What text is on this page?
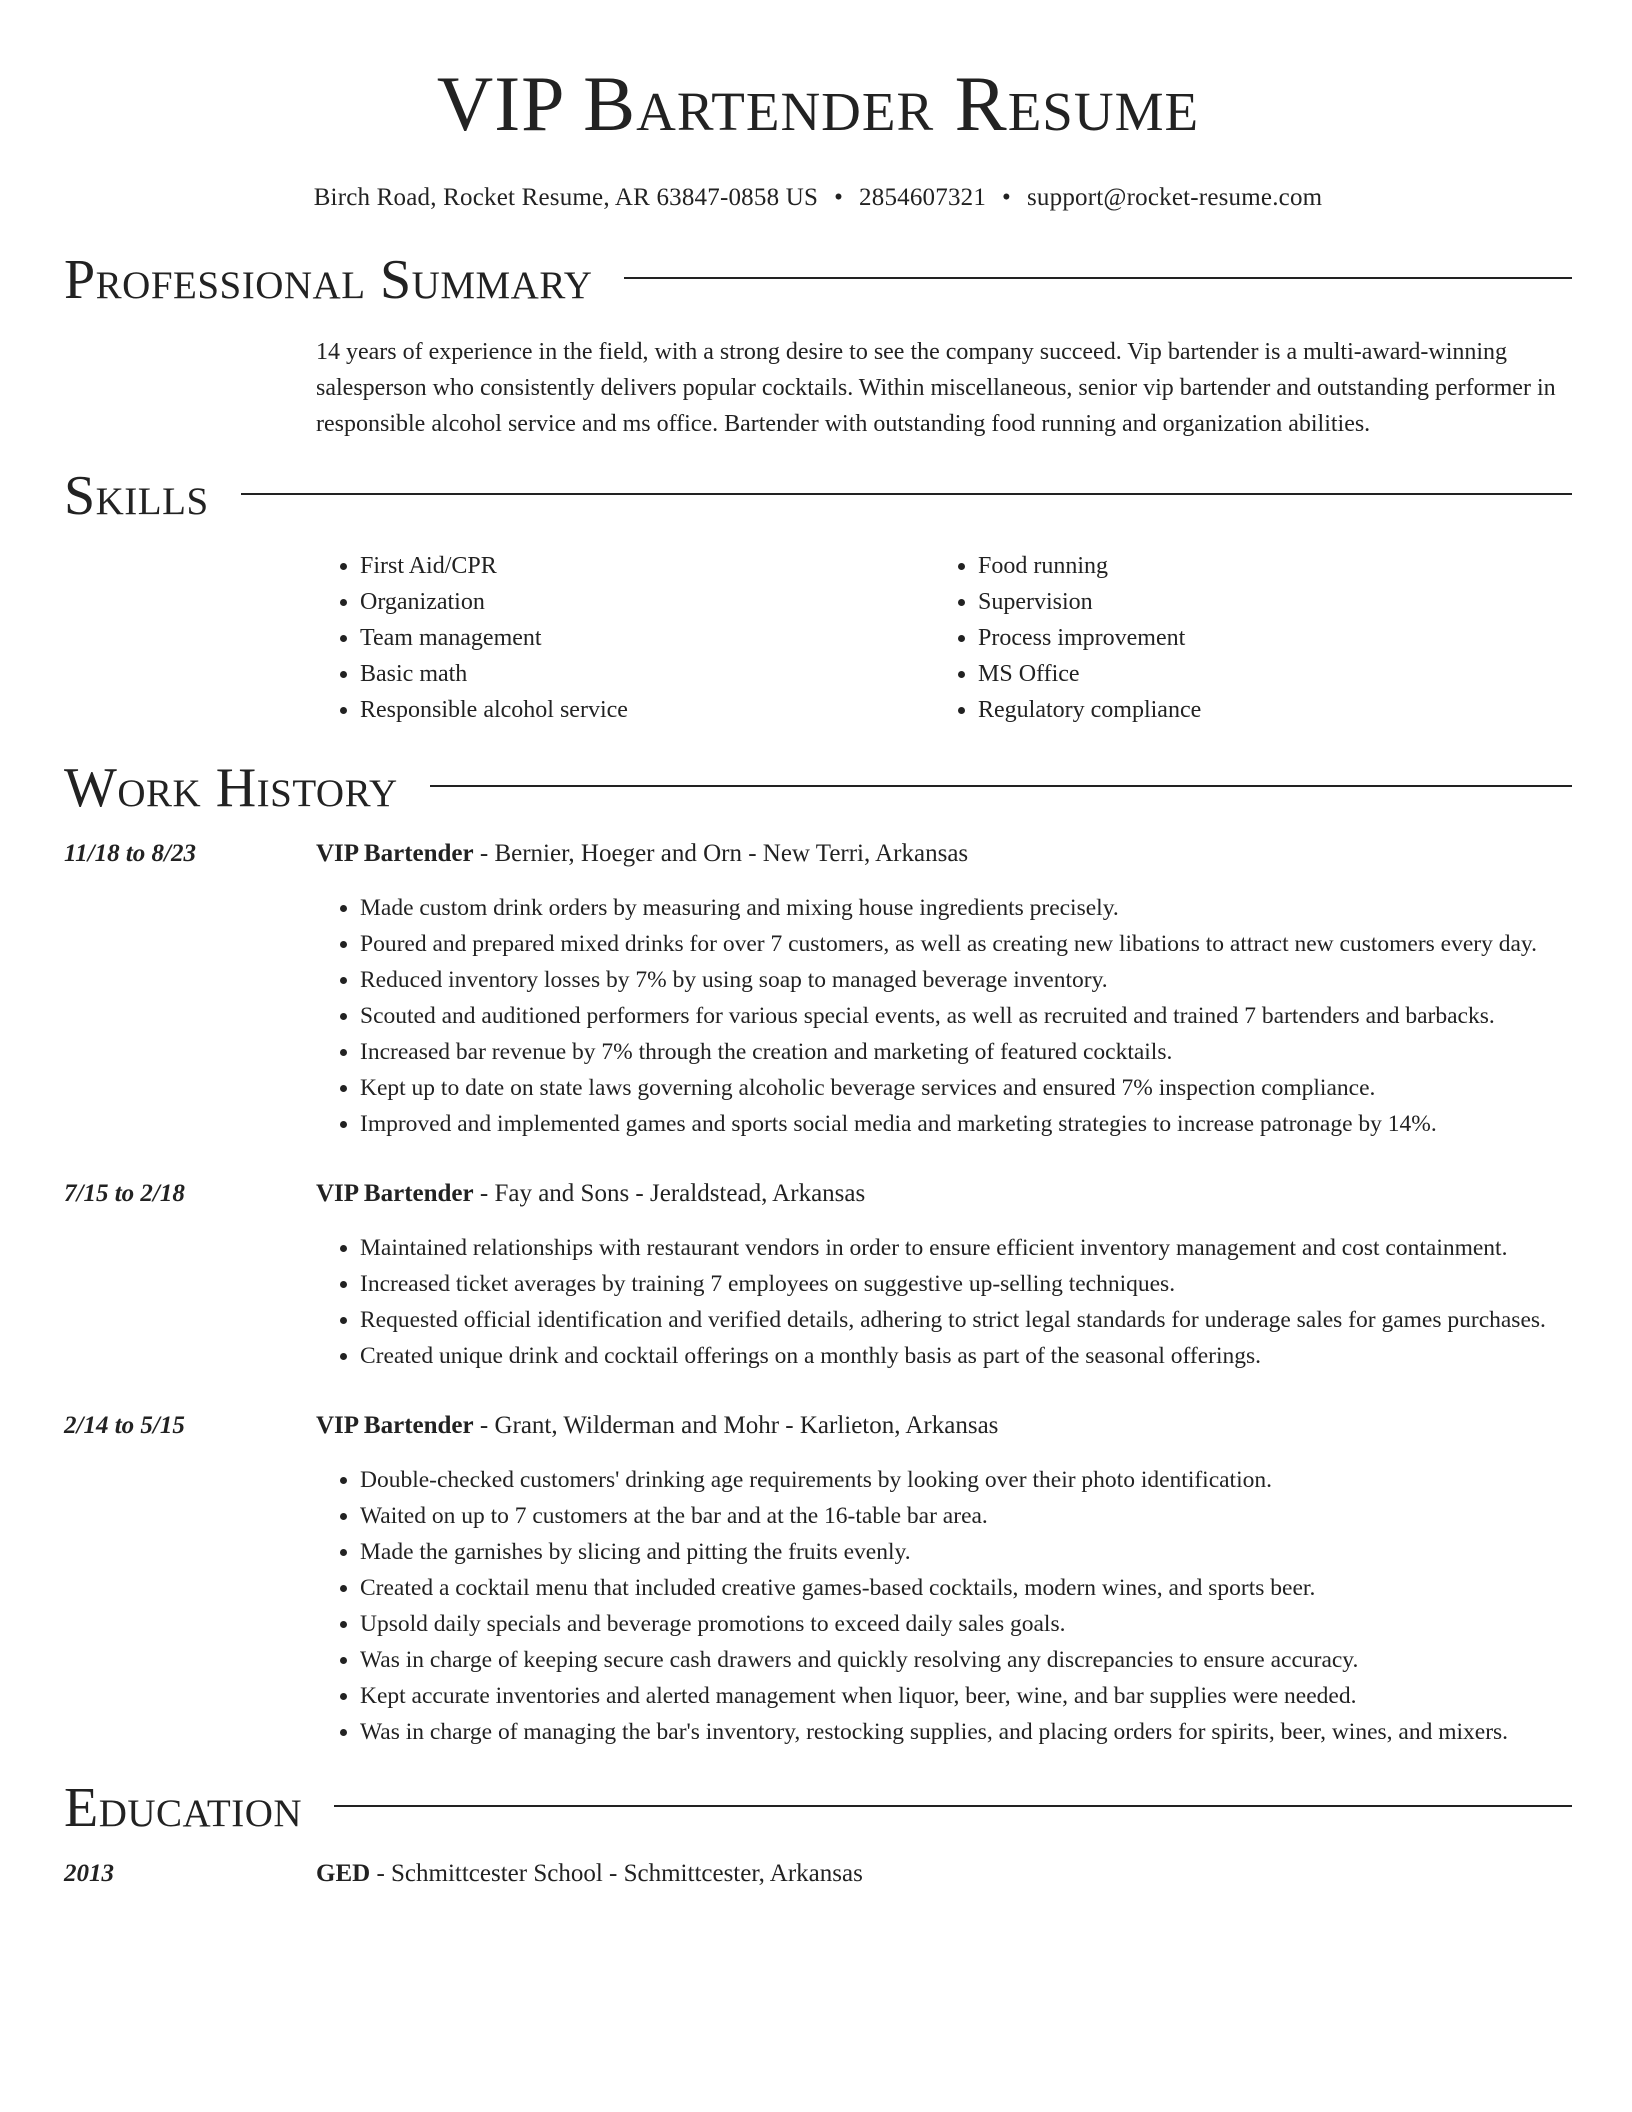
VIP Bartender Resume
Birch Road, Rocket Resume, AR 63847-0858 US • 2854607321 • support@rocket-resume.com
Professional Summary
14 years of experience in the field, with a strong desire to see the company succeed. Vip bartender is a multi-award-winning salesperson who consistently delivers popular cocktails. Within miscellaneous, senior vip bartender and outstanding performer in responsible alcohol service and ms office. Bartender with outstanding food running and organization abilities.
Skills
• First Aid/CPR
• Organization
• Team management
• Basic math
• Responsible alcohol service
• Food running
• Supervision
• Process improvement
• MS Office
• Regulatory compliance
Work History
11/18 to 8/23	VIP Bartender - Bernier, Hoeger and Orn - New Terri, Arkansas
• Made custom drink orders by measuring and mixing house ingredients precisely.
• Poured and prepared mixed drinks for over 7 customers, as well as creating new libations to attract new customers every day.
• Reduced inventory losses by 7% by using soap to managed beverage inventory.
• Scouted and auditioned performers for various special events, as well as recruited and trained 7 bartenders and barbacks.
• Increased bar revenue by 7% through the creation and marketing of featured cocktails.
• Kept up to date on state laws governing alcoholic beverage services and ensured 7% inspection compliance.
• Improved and implemented games and sports social media and marketing strategies to increase patronage by 14%.
7/15 to 2/18	VIP Bartender - Fay and Sons - Jeraldstead, Arkansas
• Maintained relationships with restaurant vendors in order to ensure efficient inventory management and cost containment.
• Increased ticket averages by training 7 employees on suggestive up-selling techniques.
• Requested official identification and verified details, adhering to strict legal standards for underage sales for games purchases.
• Created unique drink and cocktail offerings on a monthly basis as part of the seasonal offerings.
2/14 to 5/15	VIP Bartender - Grant, Wilderman and Mohr - Karlieton, Arkansas
• Double-checked customers' drinking age requirements by looking over their photo identification.
• Waited on up to 7 customers at the bar and at the 16-table bar area.
• Made the garnishes by slicing and pitting the fruits evenly.
• Created a cocktail menu that included creative games-based cocktails, modern wines, and sports beer.
• Upsold daily specials and beverage promotions to exceed daily sales goals.
• Was in charge of keeping secure cash drawers and quickly resolving any discrepancies to ensure accuracy.
• Kept accurate inventories and alerted management when liquor, beer, wine, and bar supplies were needed.
• Was in charge of managing the bar's inventory, restocking supplies, and placing orders for spirits, beer, wines, and mixers.
Education
2013	GED - Schmittcester School - Schmittcester, Arkansas
